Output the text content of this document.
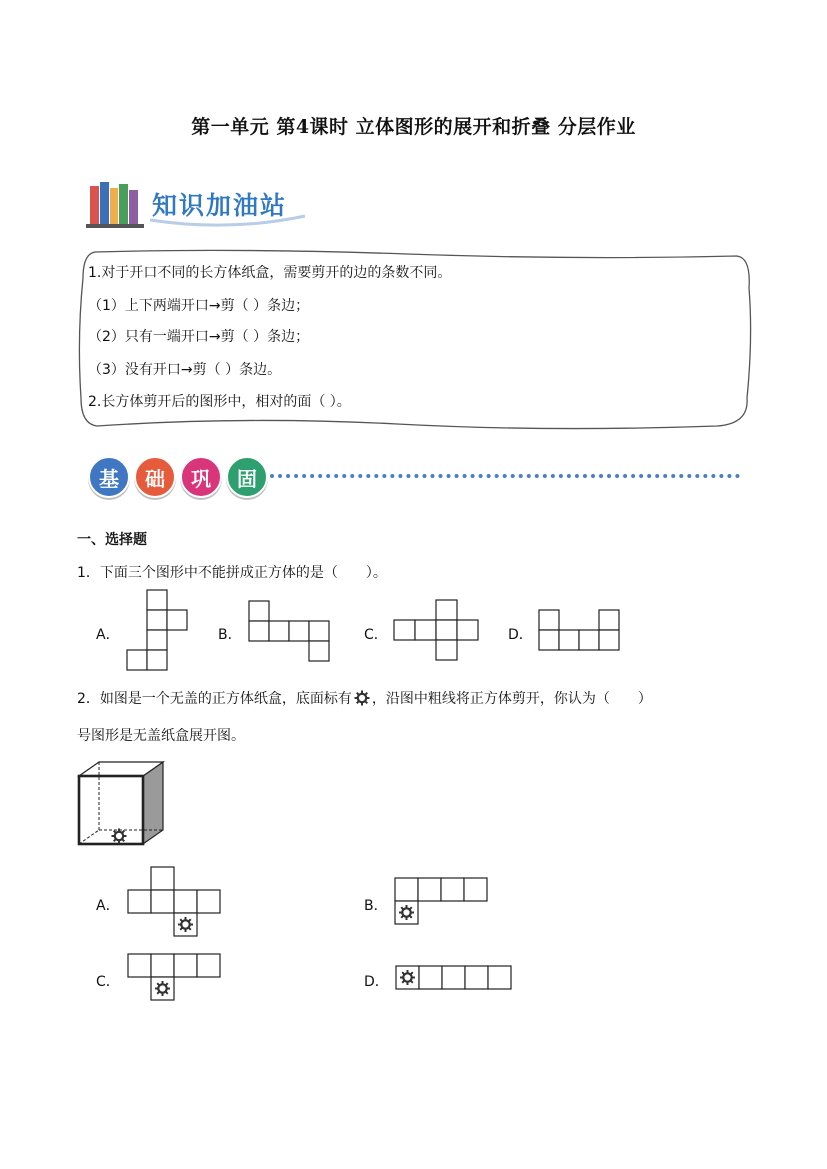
第一单元 第4课时 立体图形的展开和折叠 分层作业
知识加油站
1.对于开口不同的长方体纸盒，需要剪开的边的条数不同。
（1）上下两端开口→剪（ ）条边；
（2）只有一端开口→剪（ ）条边；
（3）没有开口→剪（ ）条边。
2.长方体剪开后的图形中，相对的面（ ）。
基	础	巩	固
一、选择题
1．下面三个图形中不能拼成正方体的是（　　）。
A．	B．	C．	D．
2．如图是一个无盖的正方体纸盒，底面标有 ，沿图中粗线将正方体剪开，你认为（　　）
号图形是无盖纸盒展开图。
A．	B．
C．	D．
